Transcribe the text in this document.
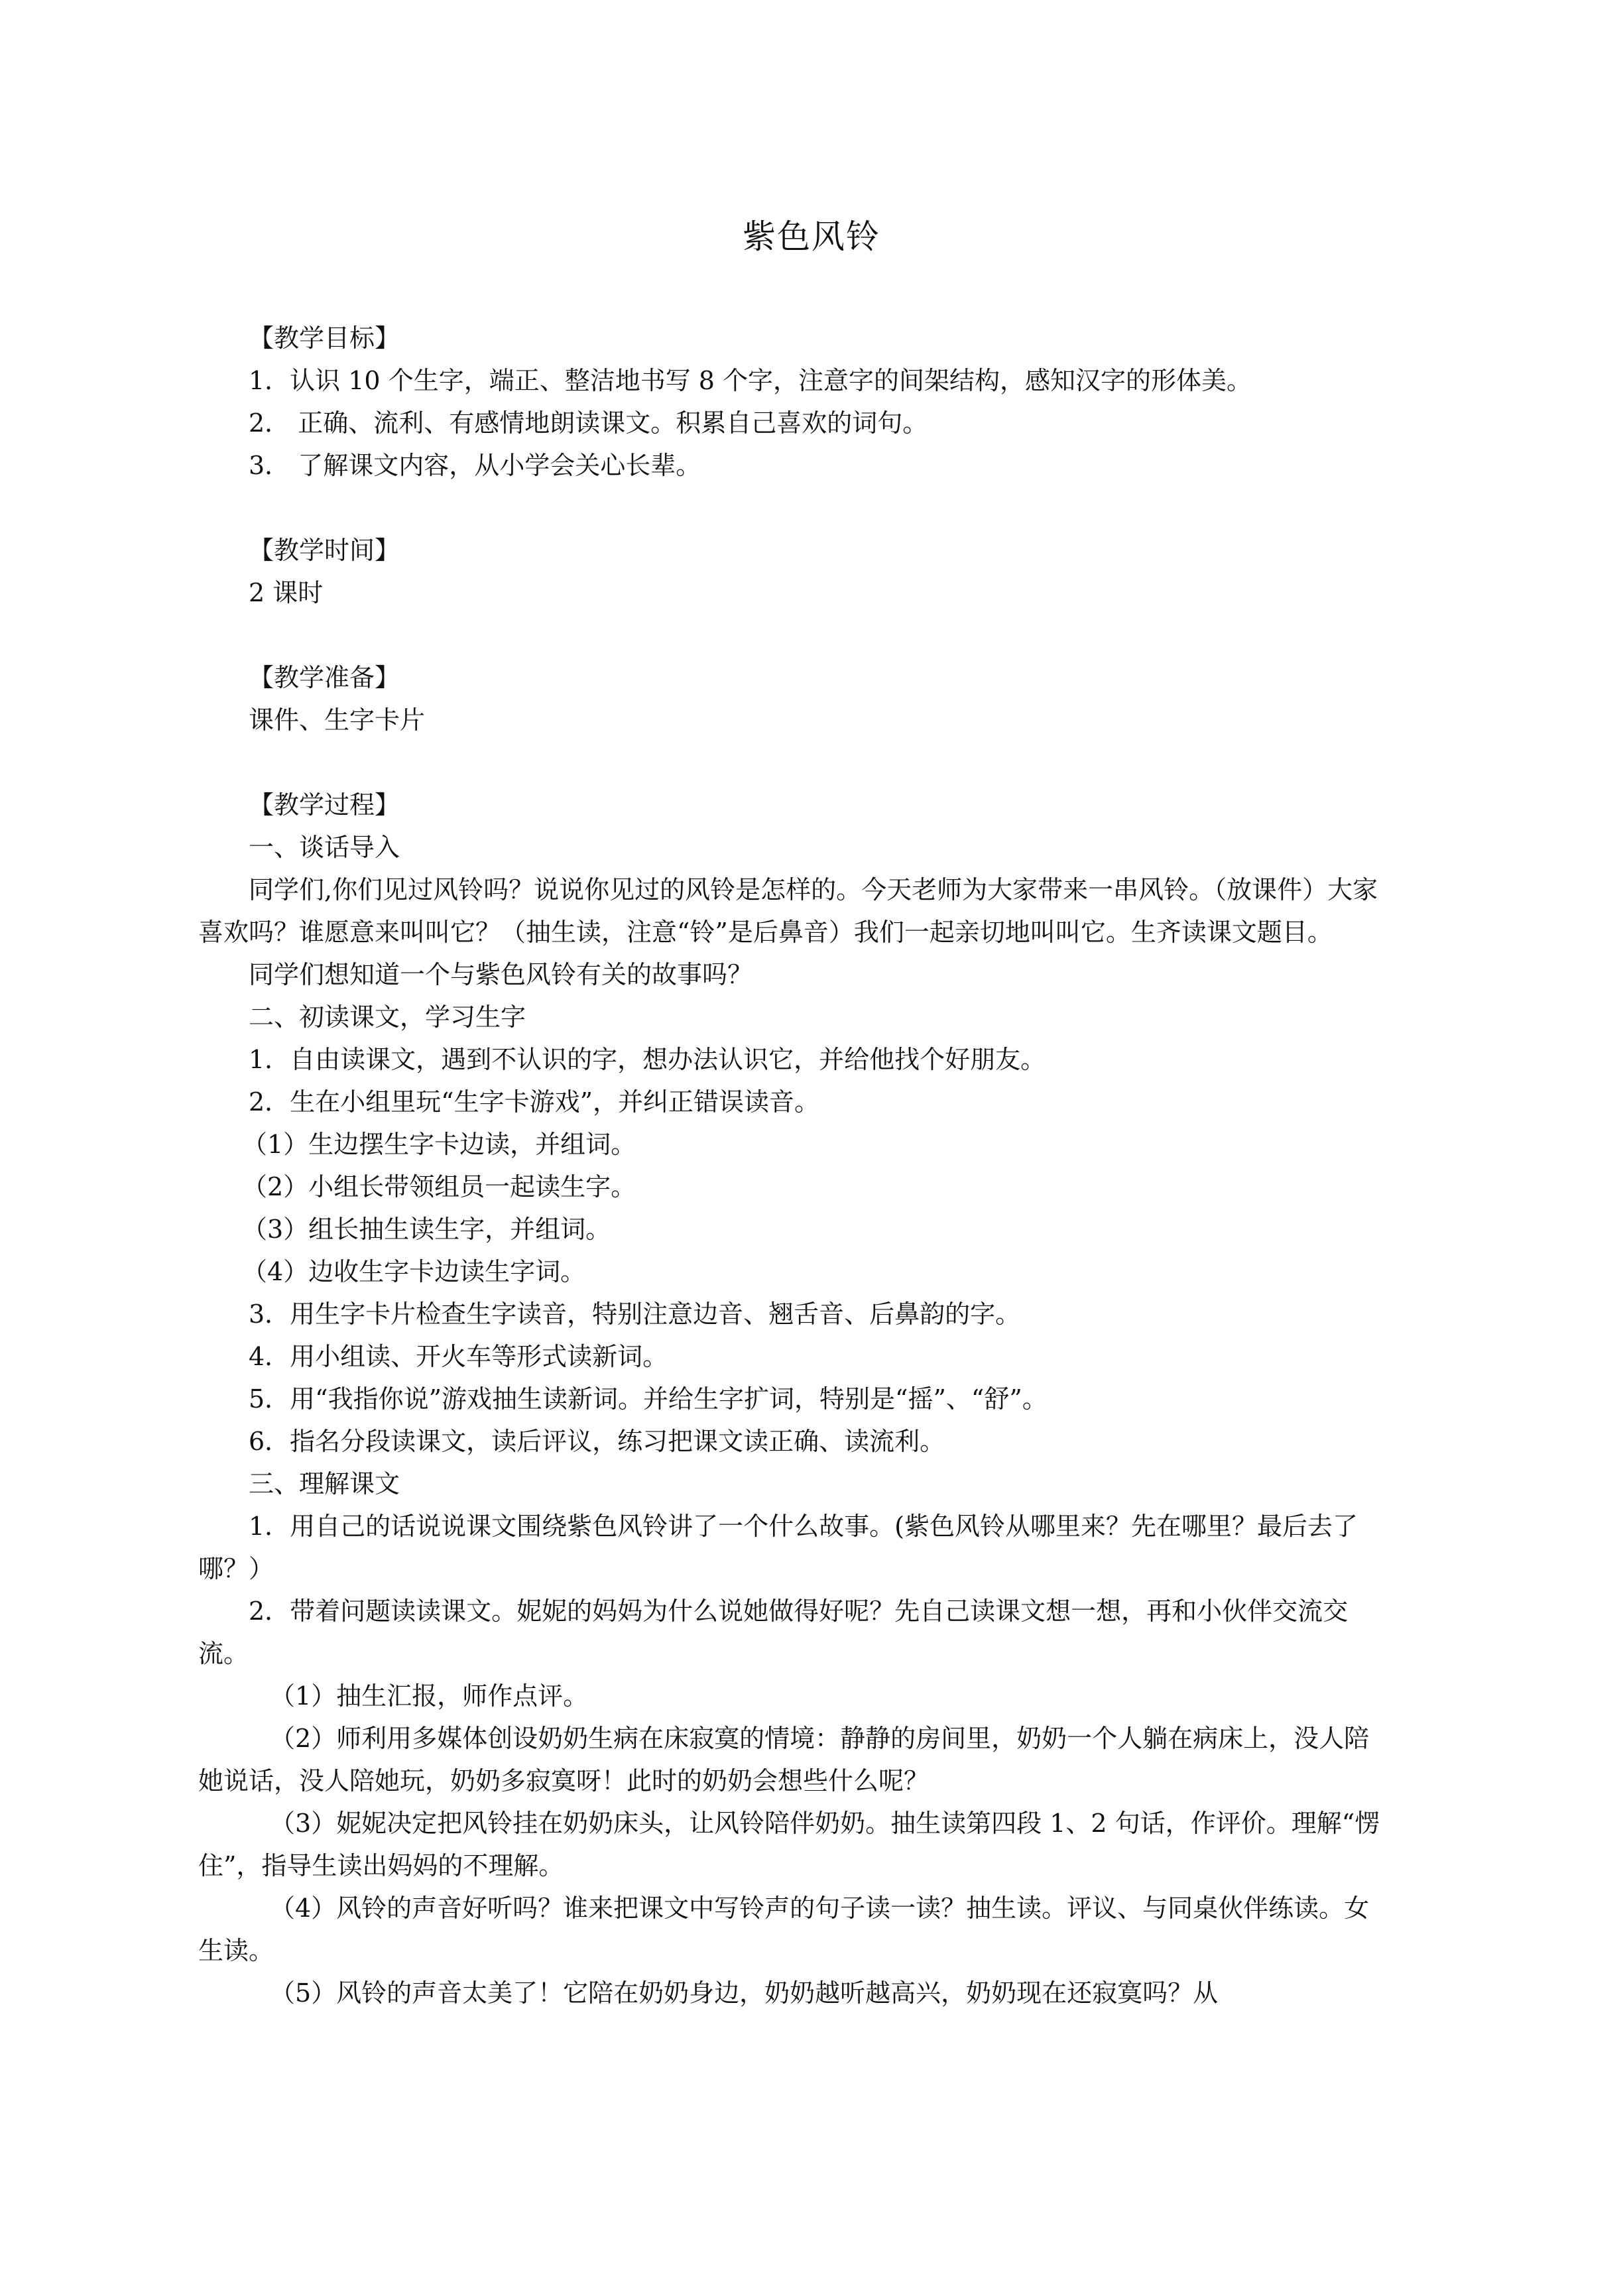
紫色风铃

【教学目标】

1．认识 10 个生字，端正、整洁地书写 8 个字，注意字的间架结构，感知汉字的形体美。

2． 正确、流利、有感情地朗读课文。积累自己喜欢的词句。

3． 了解课文内容，从小学会关心长辈。

【教学时间】

2 课时

【教学准备】

课件、生字卡片

【教学过程】

一、谈话导入

同学们,你们见过风铃吗？说说你见过的风铃是怎样的。今天老师为大家带来一串风铃。（放课件）大家喜欢吗？谁愿意来叫叫它？（抽生读，注意“铃”是后鼻音）我们一起亲切地叫叫它。生齐读课文题目。

同学们想知道一个与紫色风铃有关的故事吗？

二、初读课文，学习生字

1．自由读课文，遇到不认识的字，想办法认识它，并给他找个好朋友。

2．生在小组里玩“生字卡游戏”，并纠正错误读音。

（1）生边摆生字卡边读，并组词。

（2）小组长带领组员一起读生字。

（3）组长抽生读生字，并组词。

（4）边收生字卡边读生字词。

3．用生字卡片检查生字读音，特别注意边音、翘舌音、后鼻韵的字。

4．用小组读、开火车等形式读新词。

5．用“我指你说”游戏抽生读新词。并给生字扩词，特别是“摇”、“舒”。

6．指名分段读课文，读后评议，练习把课文读正确、读流利。

三、理解课文

1．用自己的话说说课文围绕紫色风铃讲了一个什么故事。(紫色风铃从哪里来？先在哪里？最后去了哪？）

2．带着问题读读课文。妮妮的妈妈为什么说她做得好呢？先自己读课文想一想，再和小伙伴交流交流。

（1）抽生汇报，师作点评。

（2）师利用多媒体创设奶奶生病在床寂寞的情境：静静的房间里，奶奶一个人躺在病床上，没人陪她说话，没人陪她玩，奶奶多寂寞呀！此时的奶奶会想些什么呢？

（3）妮妮决定把风铃挂在奶奶床头，让风铃陪伴奶奶。抽生读第四段 1、2 句话，作评价。理解“愣住”，指导生读出妈妈的不理解。

（4）风铃的声音好听吗？谁来把课文中写铃声的句子读一读？抽生读。评议、与同桌伙伴练读。女生读。

（5）风铃的声音太美了！它陪在奶奶身边，奶奶越听越高兴，奶奶现在还寂寞吗？从
